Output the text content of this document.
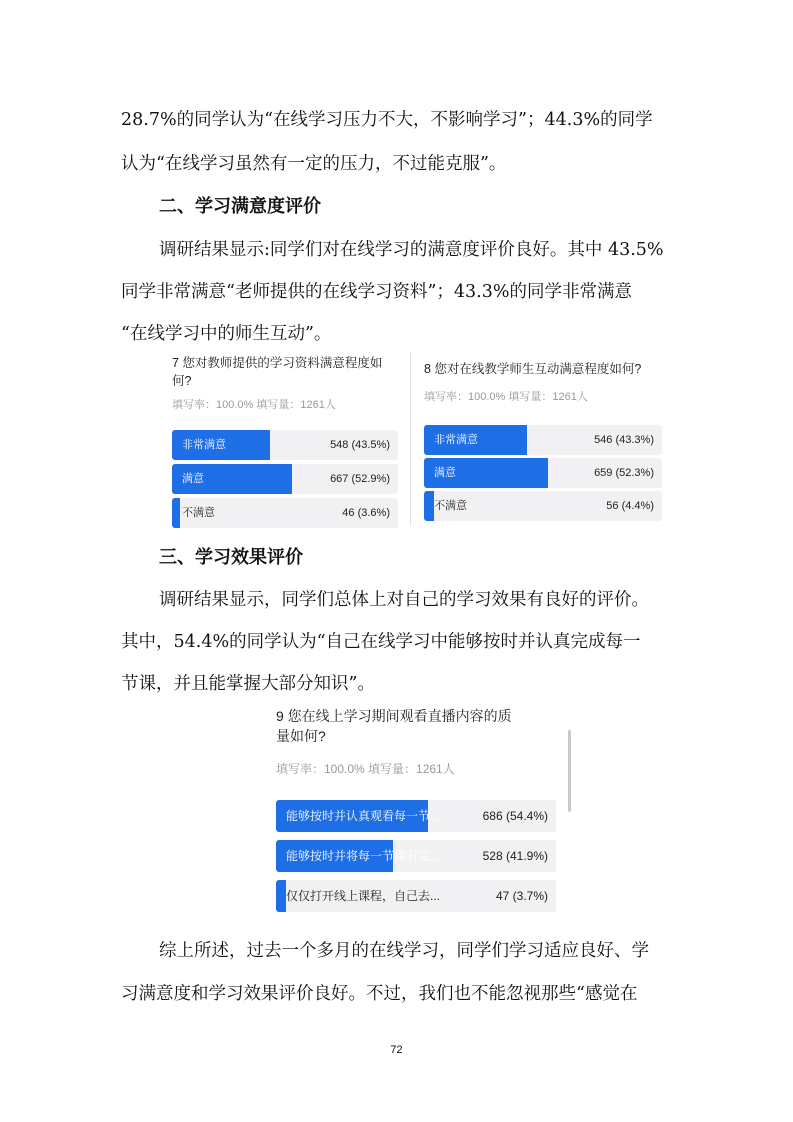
28.7%的同学认为“在线学习压力不大，不影响学习”；44.3%的同学
认为“在线学习虽然有一定的压力，不过能克服”。
二、学习满意度评价
调研结果显示:同学们对在线学习的满意度评价良好。其中 43.5%
同学非常满意“老师提供的在线学习资料”；43.3%的同学非常满意
“在线学习中的师生互动”。
7 您对教师提供的学习资料满意程度如
何?
填写率：100.0% 填写量：1261人
非常满意	548 (43.5%)
满意	667 (52.9%)
不满意	46 (3.6%)
8 您对在线教学师生互动满意程度如何?
填写率：100.0% 填写量：1261人
非常满意	546 (43.3%)
满意	659 (52.3%)
不满意	56 (4.4%)
三、学习效果评价
调研结果显示，同学们总体上对自己的学习效果有良好的评价。
其中，54.4%的同学认为“自己在线学习中能够按时并认真完成每一
节课，并且能掌握大部分知识”。
9 您在线上学习期间观看直播内容的质
量如何?
填写率：100.0% 填写量：1261人
能够按时并认真观看每一节...	686 (54.4%)
能够按时并将每一节课看完...	528 (41.9%)
仅仅打开线上课程，自己去...	47 (3.7%)
综上所述，过去一个多月的在线学习，同学们学习适应良好、学
习满意度和学习效果评价良好。不过，我们也不能忽视那些“感觉在
72
